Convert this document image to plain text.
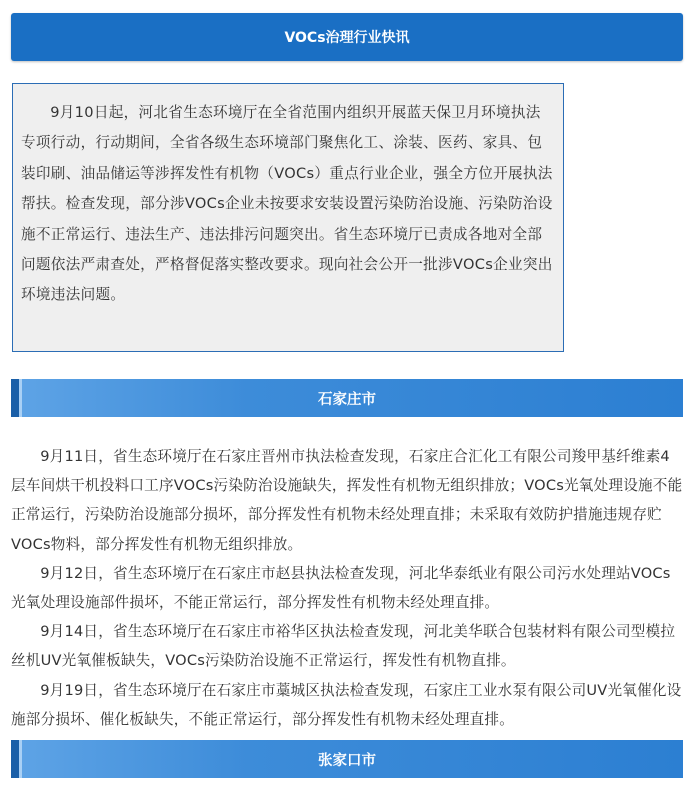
VOCs治理行业快讯

9月10日起，河北省生态环境厅在全省范围内组织开展蓝天保卫月环境执法专项行动，行动期间，全省各级生态环境部门聚焦化工、涂装、医药、家具、包装印刷、油品储运等涉挥发性有机物（VOCs）重点行业企业，强全方位开展执法帮扶。检查发现，部分涉VOCs企业未按要求安装设置污染防治设施、污染防治设施不正常运行、违法生产、违法排污问题突出。省生态环境厅已责成各地对全部问题依法严肃查处，严格督促落实整改要求。现向社会公开一批涉VOCs企业突出环境违法问题。

石家庄市

9月11日，省生态环境厅在石家庄晋州市执法检查发现，石家庄合汇化工有限公司羧甲基纤维素4层车间烘干机投料口工序VOCs污染防治设施缺失，挥发性有机物无组织排放；VOCs光氧处理设施不能正常运行，污染防治设施部分损坏，部分挥发性有机物未经处理直排；未采取有效防护措施违规存贮VOCs物料，部分挥发性有机物无组织排放。

9月12日，省生态环境厅在石家庄市赵县执法检查发现，河北华泰纸业有限公司污水处理站VOCs光氧处理设施部件损坏，不能正常运行，部分挥发性有机物未经处理直排。

9月14日，省生态环境厅在石家庄市裕华区执法检查发现，河北美华联合包装材料有限公司型模拉丝机UV光氧催板缺失，VOCs污染防治设施不正常运行，挥发性有机物直排。

9月19日，省生态环境厅在石家庄市藁城区执法检查发现，石家庄工业水泵有限公司UV光氧催化设施部分损坏、催化板缺失，不能正常运行，部分挥发性有机物未经处理直排。

张家口市
